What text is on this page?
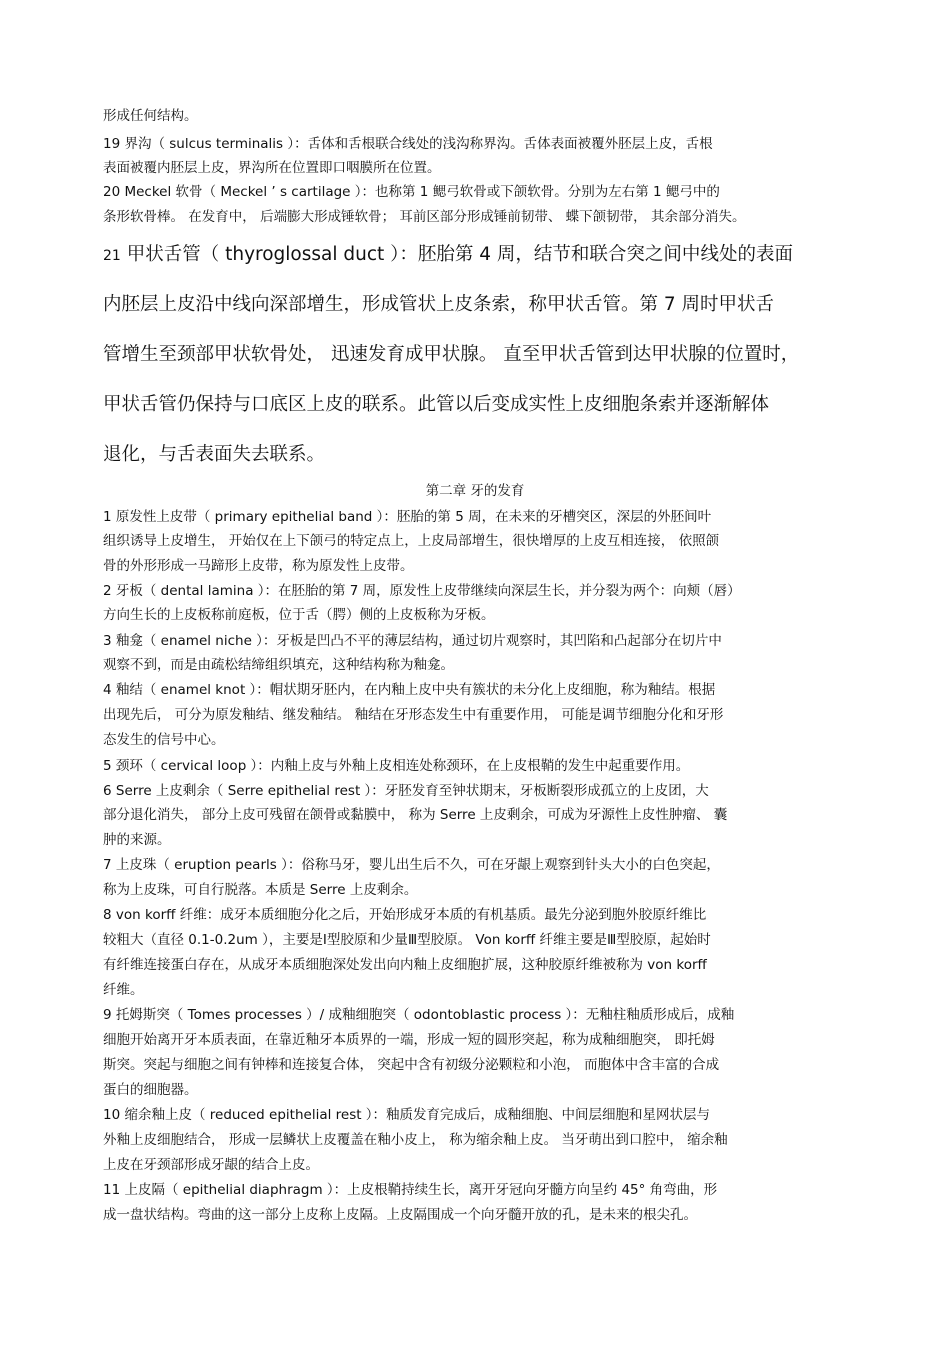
形成任何结构。
19 界沟（ sulcus terminalis ）：舌体和舌根联合线处的浅沟称界沟。舌体表面被覆外胚层上皮，舌根
表面被覆内胚层上皮，界沟所在位置即口咽膜所在位置。
20 Meckel 软骨（ Meckel ’ s cartilage ）：也称第 1 鳃弓软骨或下颌软骨。分别为左右第 1 鳃弓中的
条形软骨棒。 在发育中， 后端膨大形成锤软骨； 耳前区部分形成锤前韧带、 蝶下颌韧带， 其余部分消失。
21 甲状舌管（ thyroglossal duct ）：胚胎第 4 周，结节和联合突之间中线处的表面
内胚层上皮沿中线向深部增生，形成管状上皮条索，称甲状舌管。第 7 周时甲状舌
管增生至颈部甲状软骨处， 迅速发育成甲状腺。 直至甲状舌管到达甲状腺的位置时，
甲状舌管仍保持与口底区上皮的联系。此管以后变成实性上皮细胞条索并逐渐解体
退化，与舌表面失去联系。
第二章 牙的发育
1 原发性上皮带（ primary epithelial band ）：胚胎的第 5 周，在未来的牙槽突区，深层的外胚间叶
组织诱导上皮增生， 开始仅在上下颌弓的特定点上，上皮局部增生，很快增厚的上皮互相连接， 依照颌
骨的外形形成一马蹄形上皮带，称为原发性上皮带。
2 牙板（ dental lamina ）：在胚胎的第 7 周，原发性上皮带继续向深层生长，并分裂为两个：向颊（唇）
方向生长的上皮板称前庭板，位于舌（腭）侧的上皮板称为牙板。
3 釉龛（ enamel niche ）：牙板是凹凸不平的薄层结构，通过切片观察时，其凹陷和凸起部分在切片中
观察不到，而是由疏松结缔组织填充，这种结构称为釉龛。
4 釉结（ enamel knot ）：帽状期牙胚内，在内釉上皮中央有簇状的未分化上皮细胞，称为釉结。根据
出现先后， 可分为原发釉结、继发釉结。 釉结在牙形态发生中有重要作用， 可能是调节细胞分化和牙形
态发生的信号中心。
5 颈环（ cervical loop ）：内釉上皮与外釉上皮相连处称颈环，在上皮根鞘的发生中起重要作用。
6 Serre 上皮剩余（ Serre epithelial rest ）：牙胚发育至钟状期末，牙板断裂形成孤立的上皮团，大
部分退化消失， 部分上皮可残留在颌骨或黏膜中， 称为 Serre 上皮剩余，可成为牙源性上皮性肿瘤、 囊
肿的来源。
7 上皮珠（ eruption pearls ）：俗称马牙，婴儿出生后不久，可在牙龈上观察到针头大小的白色突起，
称为上皮珠，可自行脱落。本质是 Serre 上皮剩余。
8 von korff 纤维：成牙本质细胞分化之后，开始形成牙本质的有机基质。最先分泌到胞外胶原纤维比
较粗大（直径 0.1-0.2um ），主要是Ⅰ型胶原和少量Ⅲ型胶原。 Von korff 纤维主要是Ⅲ型胶原，起始时
有纤维连接蛋白存在，从成牙本质细胞深处发出向内釉上皮细胞扩展，这种胶原纤维被称为 von korff
纤维。
9 托姆斯突（ Tomes processes ）/ 成釉细胞突（ odontoblastic process ）：无釉柱釉质形成后，成釉
细胞开始离开牙本质表面，在靠近釉牙本质界的一端，形成一短的圆形突起，称为成釉细胞突， 即托姆
斯突。突起与细胞之间有钟棒和连接复合体， 突起中含有初级分泌颗粒和小泡， 而胞体中含丰富的合成
蛋白的细胞器。
10 缩余釉上皮（ reduced epithelial rest ）：釉质发育完成后，成釉细胞、中间层细胞和星网状层与
外釉上皮细胞结合， 形成一层鳞状上皮覆盖在釉小皮上， 称为缩余釉上皮。 当牙萌出到口腔中， 缩余釉
上皮在牙颈部形成牙龈的结合上皮。
11 上皮隔（ epithelial diaphragm ）：上皮根鞘持续生长，离开牙冠向牙髓方向呈约 45° 角弯曲，形
成一盘状结构。弯曲的这一部分上皮称上皮隔。上皮隔围成一个向牙髓开放的孔，是未来的根尖孔。
